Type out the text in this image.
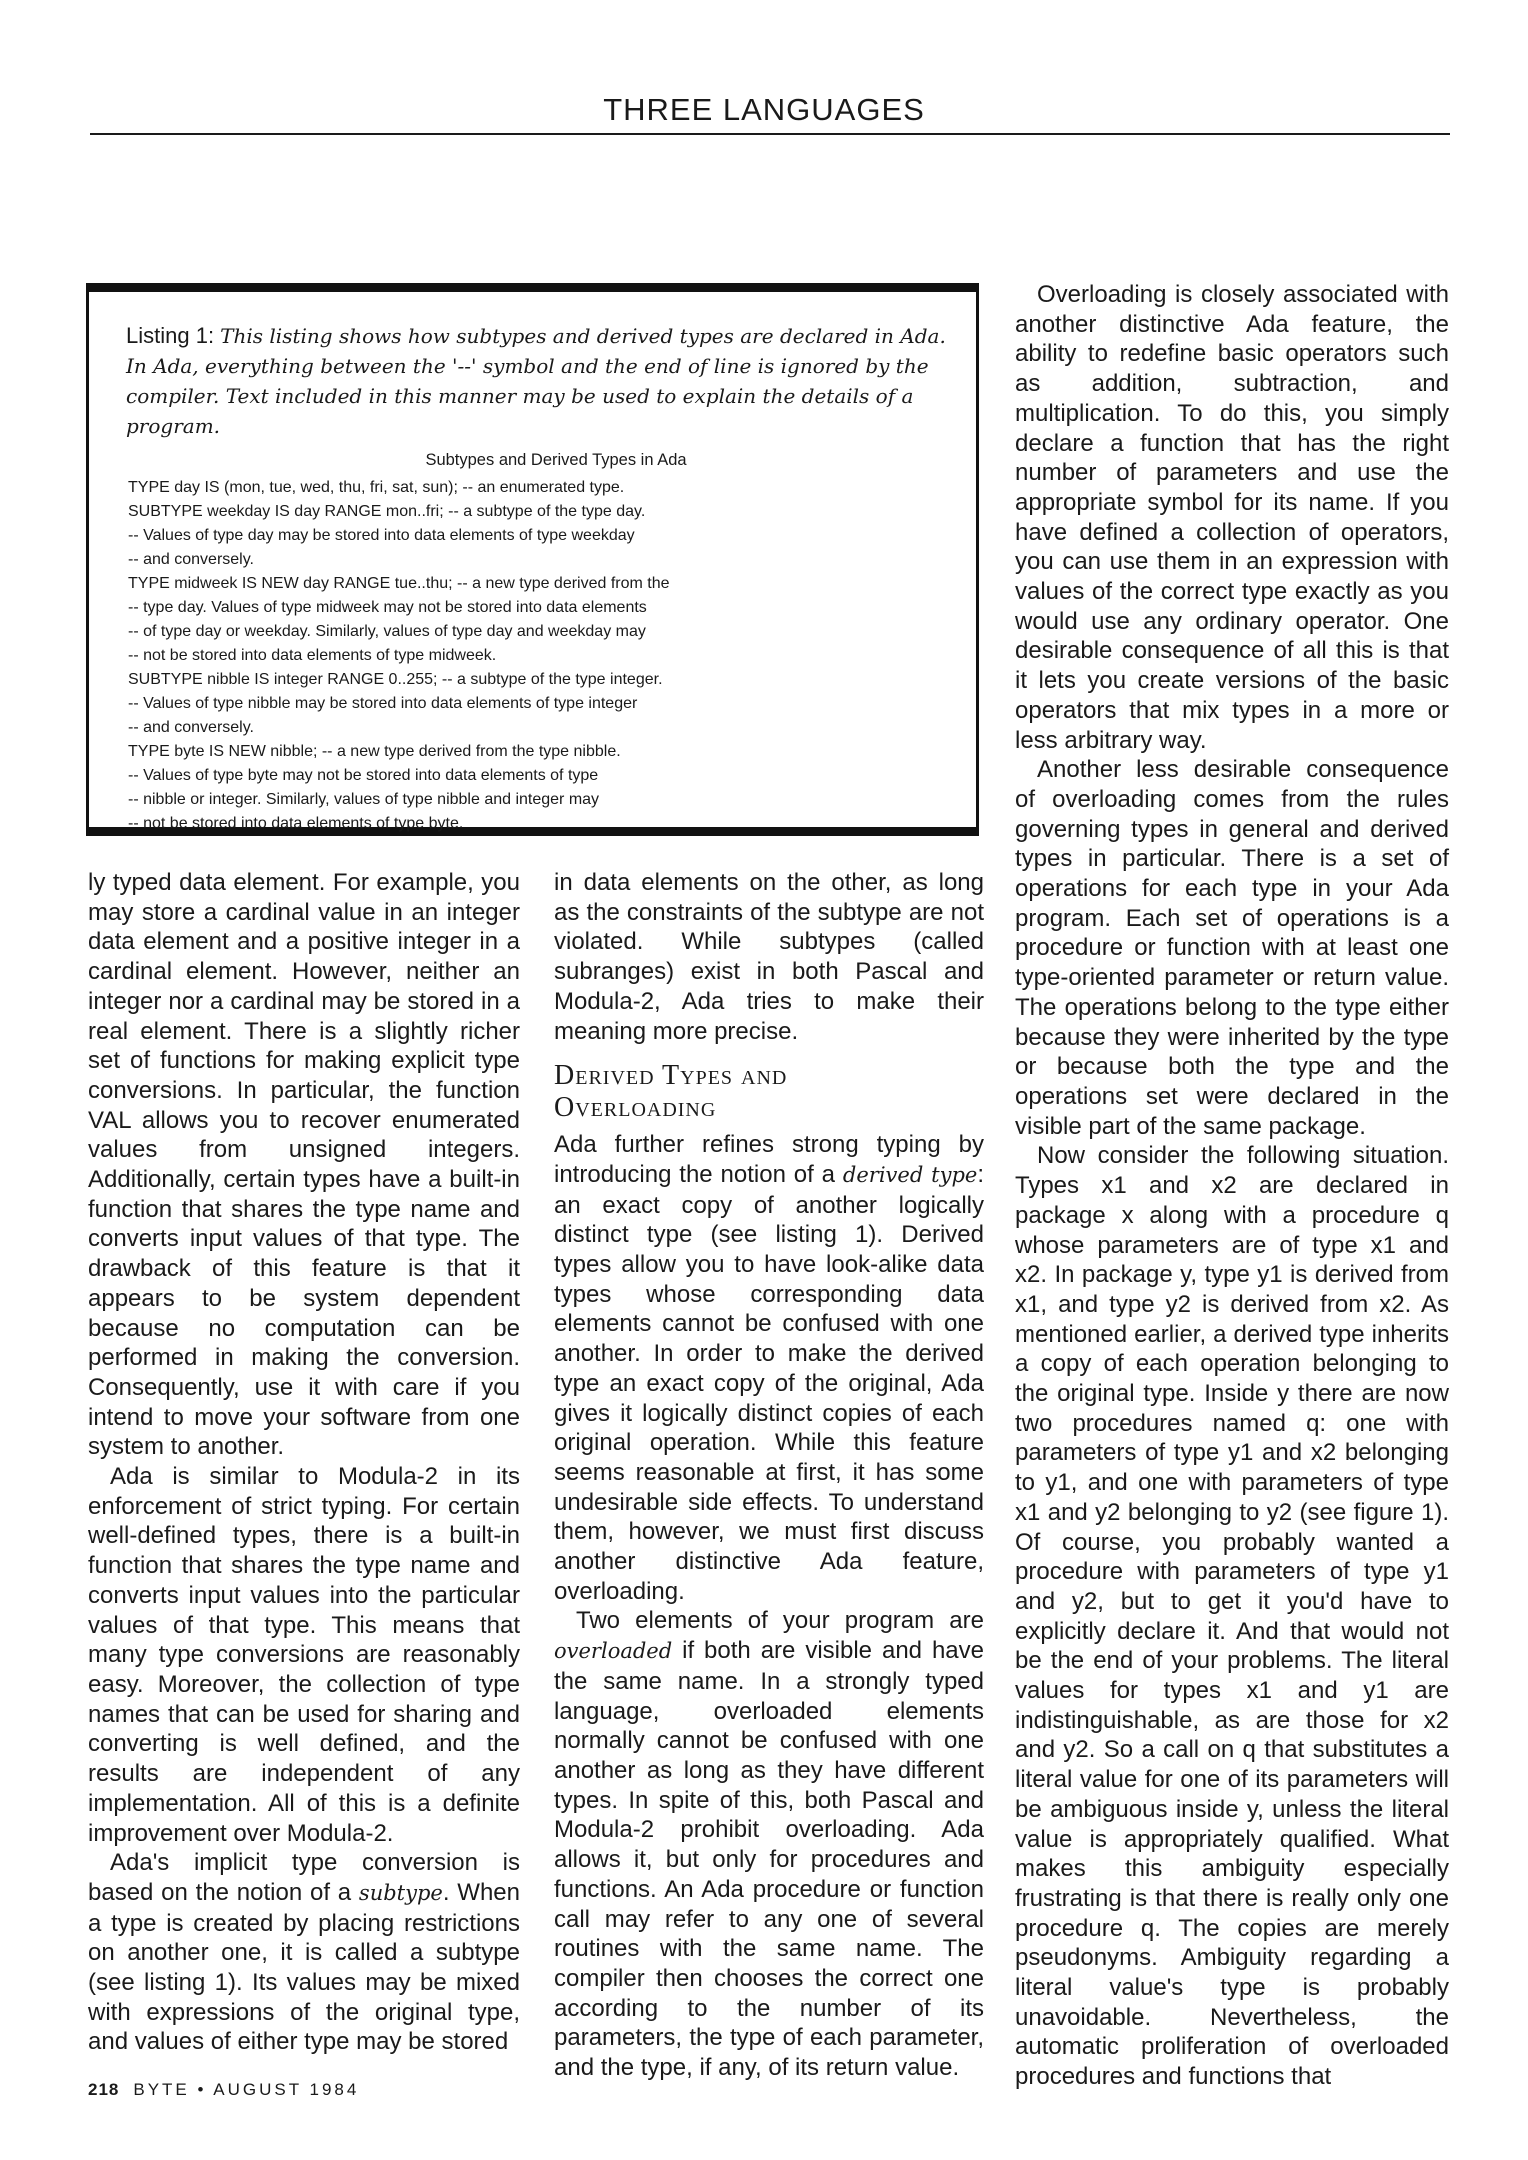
THREE LANGUAGES

Listing 1: This listing shows how subtypes and derived types are declared in Ada. In Ada, everything between the '--' symbol and the end of line is ignored by the compiler. Text included in this manner may be used to explain the details of a program.

Subtypes and Derived Types in Ada
TYPE day IS (mon, tue, wed, thu, fri, sat, sun); -- an enumerated type.
SUBTYPE weekday IS day RANGE mon..fri; -- a subtype of the type day.
-- Values of type day may be stored into data elements of type weekday
-- and conversely.
TYPE midweek IS NEW day RANGE tue..thu; -- a new type derived from the
-- type day. Values of type midweek may not be stored into data elements
-- of type day or weekday. Similarly, values of type day and weekday may
-- not be stored into data elements of type midweek.
SUBTYPE nibble IS integer RANGE 0..255; -- a subtype of the type integer.
-- Values of type nibble may be stored into data elements of type integer
-- and conversely.
TYPE byte IS NEW nibble; -- a new type derived from the type nibble.
-- Values of type byte may not be stored into data elements of type
-- nibble or integer. Similarly, values of type nibble and integer may
-- not be stored into data elements of type byte.

ly typed data element. For example, you may store a cardinal value in an integer data element and a positive integer in a cardinal element. However, neither an integer nor a cardinal may be stored in a real element. There is a slightly richer set of functions for making explicit type conversions. In particular, the function VAL allows you to recover enumerated values from unsigned integers. Additionally, certain types have a built-in function that shares the type name and converts input values of that type. The drawback of this feature is that it appears to be system dependent because no computation can be performed in making the conversion. Consequently, use it with care if you intend to move your software from one system to another.

Ada is similar to Modula-2 in its enforcement of strict typing. For certain well-defined types, there is a built-in function that shares the type name and converts input values into the particular values of that type. This means that many type conversions are reasonably easy. Moreover, the collection of type names that can be used for sharing and converting is well defined, and the results are independent of any implementation. All of this is a definite improvement over Modula-2.

Ada's implicit type conversion is based on the notion of a subtype. When a type is created by placing restrictions on another one, it is called a subtype (see listing 1). Its values may be mixed with expressions of the original type, and values of either type may be stored

in data elements on the other, as long as the constraints of the subtype are not violated. While subtypes (called subranges) exist in both Pascal and Modula-2, Ada tries to make their meaning more precise.

Derived Types and
Overloading

Ada further refines strong typing by introducing the notion of a derived type: an exact copy of another logically distinct type (see listing 1). Derived types allow you to have look-alike data types whose corresponding data elements cannot be confused with one another. In order to make the derived type an exact copy of the original, Ada gives it logically distinct copies of each original operation. While this feature seems reasonable at first, it has some undesirable side effects. To understand them, however, we must first discuss another distinctive Ada feature, overloading.

Two elements of your program are overloaded if both are visible and have the same name. In a strongly typed language, overloaded elements normally cannot be confused with one another as long as they have different types. In spite of this, both Pascal and Modula-2 prohibit overloading. Ada allows it, but only for procedures and functions. An Ada procedure or function call may refer to any one of several routines with the same name. The compiler then chooses the correct one according to the number of its parameters, the type of each parameter, and the type, if any, of its return value.

Overloading is closely associated with another distinctive Ada feature, the ability to redefine basic operators such as addition, subtraction, and multiplication. To do this, you simply declare a function that has the right number of parameters and use the appropriate symbol for its name. If you have defined a collection of operators, you can use them in an expression with values of the correct type exactly as you would use any ordinary operator. One desirable consequence of all this is that it lets you create versions of the basic operators that mix types in a more or less arbitrary way.

Another less desirable consequence of overloading comes from the rules governing types in general and derived types in particular. There is a set of operations for each type in your Ada program. Each set of operations is a procedure or function with at least one type-oriented parameter or return value. The operations belong to the type either because they were inherited by the type or because both the type and the operations set were declared in the visible part of the same package.

Now consider the following situation. Types x1 and x2 are declared in package x along with a procedure q whose parameters are of type x1 and x2. In package y, type y1 is derived from x1, and type y2 is derived from x2. As mentioned earlier, a derived type inherits a copy of each operation belonging to the original type. Inside y there are now two procedures named q: one with parameters of type y1 and x2 belonging to y1, and one with parameters of type x1 and y2 belonging to y2 (see figure 1). Of course, you probably wanted a procedure with parameters of type y1 and y2, but to get it you'd have to explicitly declare it. And that would not be the end of your problems. The literal values for types x1 and y1 are indistinguishable, as are those for x2 and y2. So a call on q that substitutes a literal value for one of its parameters will be ambiguous inside y, unless the literal value is appropriately qualified. What makes this ambiguity especially frustrating is that there is really only one procedure q. The copies are merely pseudonyms. Ambiguity regarding a literal value's type is probably unavoidable. Nevertheless, the automatic proliferation of overloaded procedures and functions that

218 BYTE • AUGUST 1984
